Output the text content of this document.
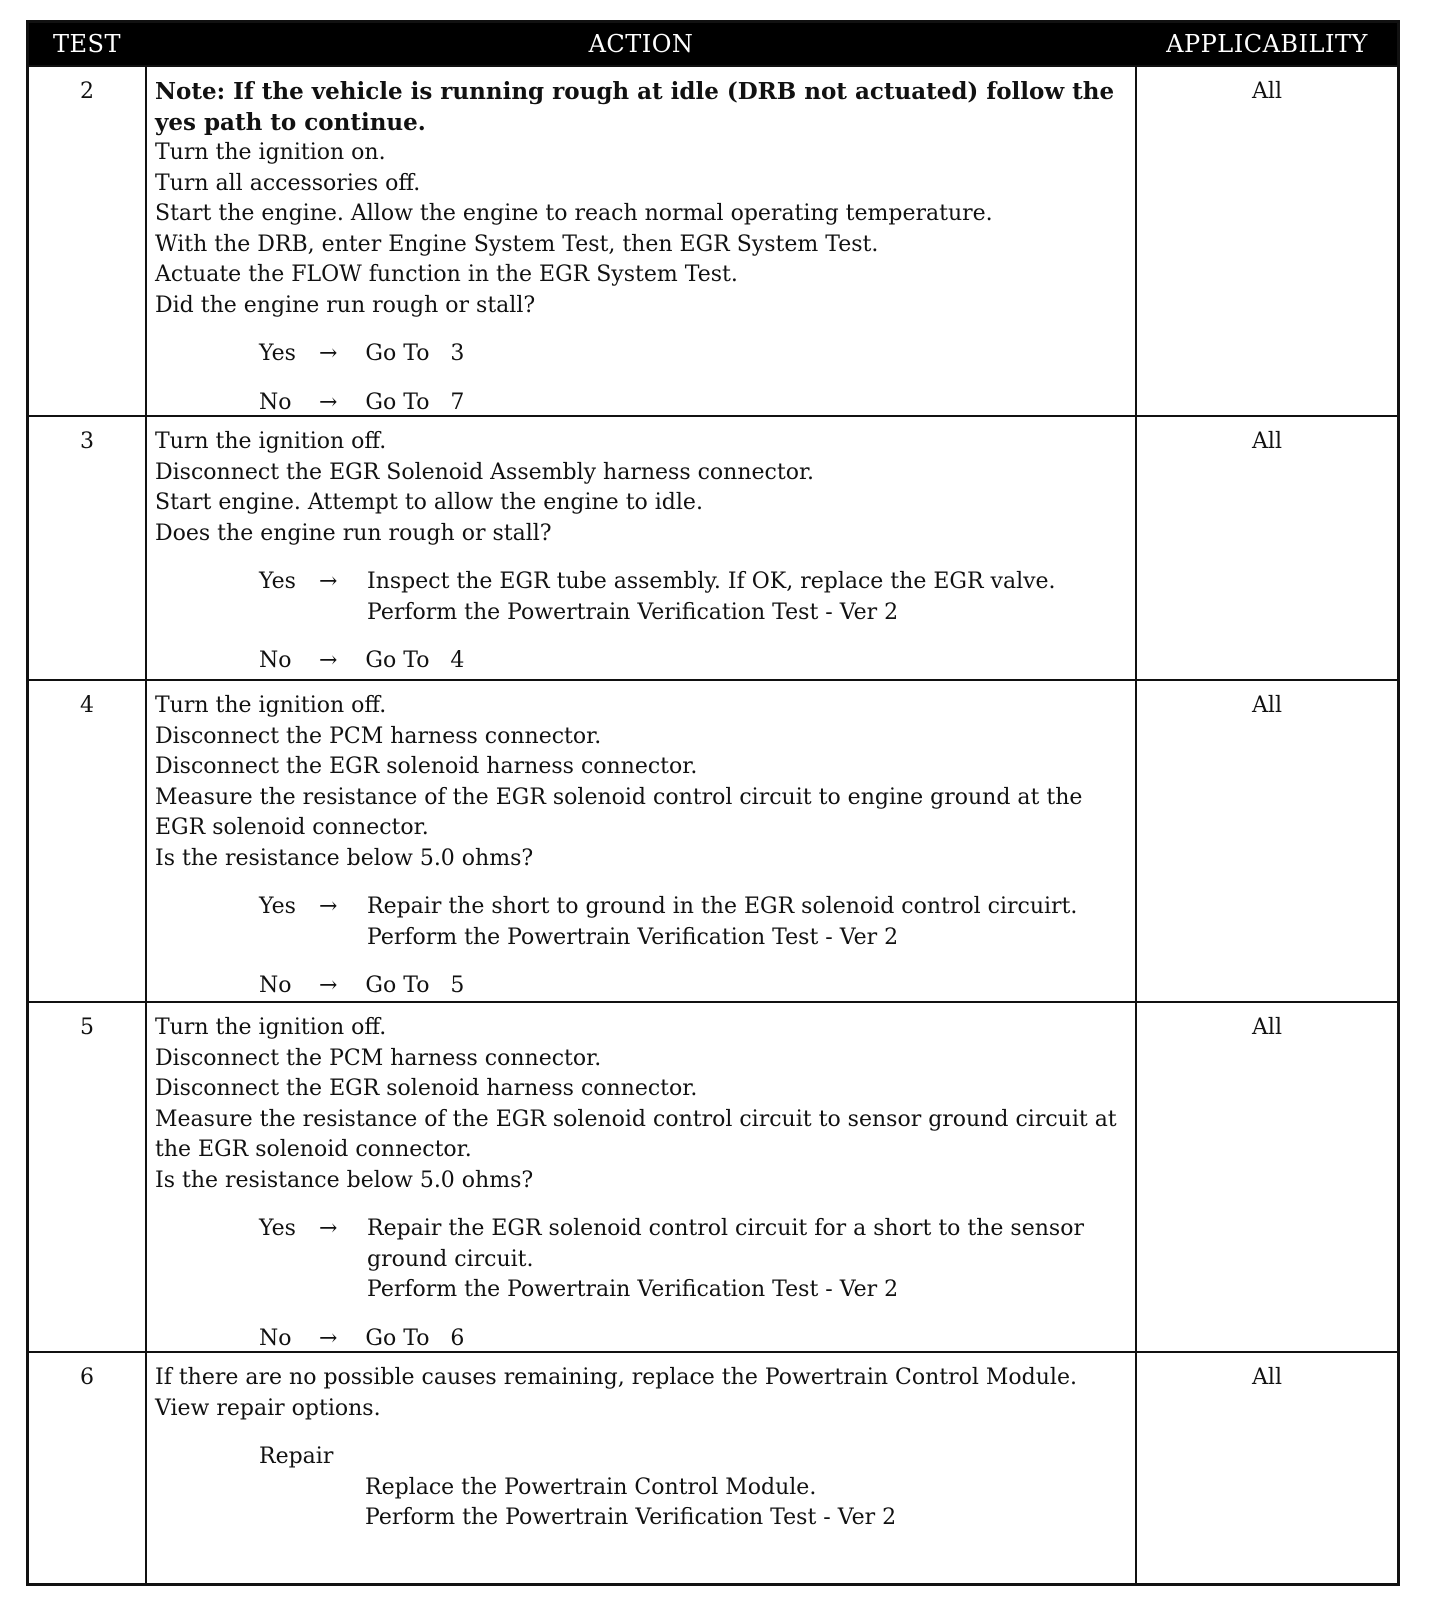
TEST	ACTION	APPLICABILITY
2	Note: If the vehicle is running rough at idle (DRB not actuated) follow the yes path to continue.
Turn the ignition on.
Turn all accessories off.
Start the engine. Allow the engine to reach normal operating temperature.
With the DRB, enter Engine System Test, then EGR System Test.
Actuate the FLOW function in the EGR System Test.
Did the engine run rough or stall?
Yes	→ Go To   3
No	→ Go To   7
All
3	Turn the ignition off.
Disconnect the EGR Solenoid Assembly harness connector.
Start engine. Attempt to allow the engine to idle.
Does the engine run rough or stall?
Yes	→	Inspect the EGR tube assembly. If OK, replace the EGR valve.
Perform the Powertrain Verification Test - Ver 2
No	→ Go To   4
All
4	Turn the ignition off.
Disconnect the PCM harness connector.
Disconnect the EGR solenoid harness connector.
Measure the resistance of the EGR solenoid control circuit to engine ground at the
EGR solenoid connector.
Is the resistance below 5.0 ohms?
Yes	→	Repair the short to ground in the EGR solenoid control circuirt.
Perform the Powertrain Verification Test - Ver 2
No	→ Go To   5
All
5	Turn the ignition off.
Disconnect the PCM harness connector.
Disconnect the EGR solenoid harness connector.
Measure the resistance of the EGR solenoid control circuit to sensor ground circuit at
the EGR solenoid connector.
Is the resistance below 5.0 ohms?
Yes	→	Repair the EGR solenoid control circuit for a short to the sensor
ground circuit.
Perform the Powertrain Verification Test - Ver 2
No	→ Go To   6
All
6	If there are no possible causes remaining, replace the Powertrain Control Module.
View repair options.
Repair
Replace the Powertrain Control Module.
Perform the Powertrain Verification Test - Ver 2
All
